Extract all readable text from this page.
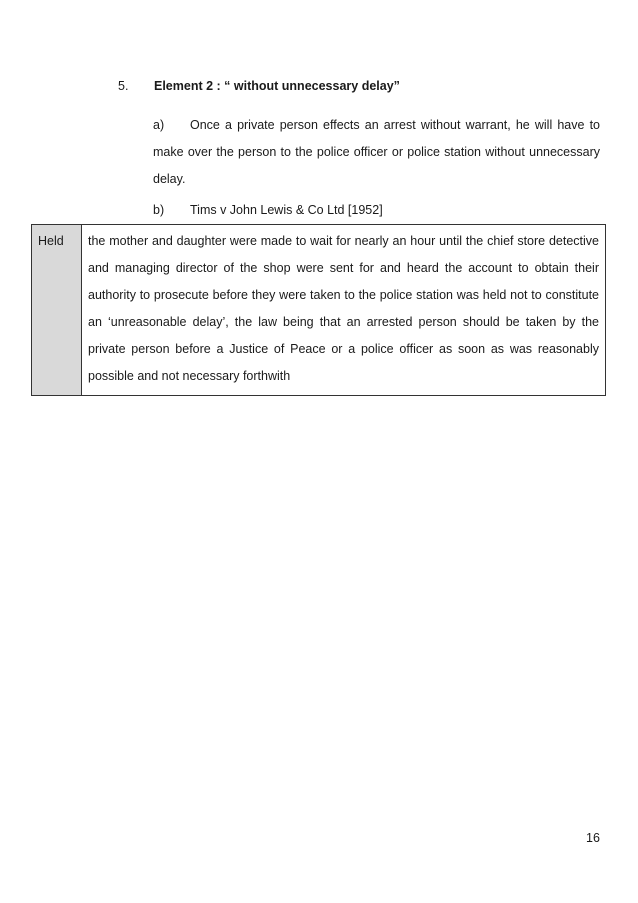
5. Element 2 : “ without unnecessary delay”
a) Once a private person effects an arrest without warrant, he will have to make over the person to the police officer or police station without unnecessary delay.
b) Tims v John Lewis & Co Ltd [1952]
Held	the mother and daughter were made to wait for nearly an hour until the chief store detective and managing director of the shop were sent for and heard the account to obtain their authority to prosecute before they were taken to the police station was held not to constitute an ‘unreasonable delay’, the law being that an arrested person should be taken by the private person before a Justice of Peace or a police officer as soon as was reasonably possible and not necessary forthwith
16
